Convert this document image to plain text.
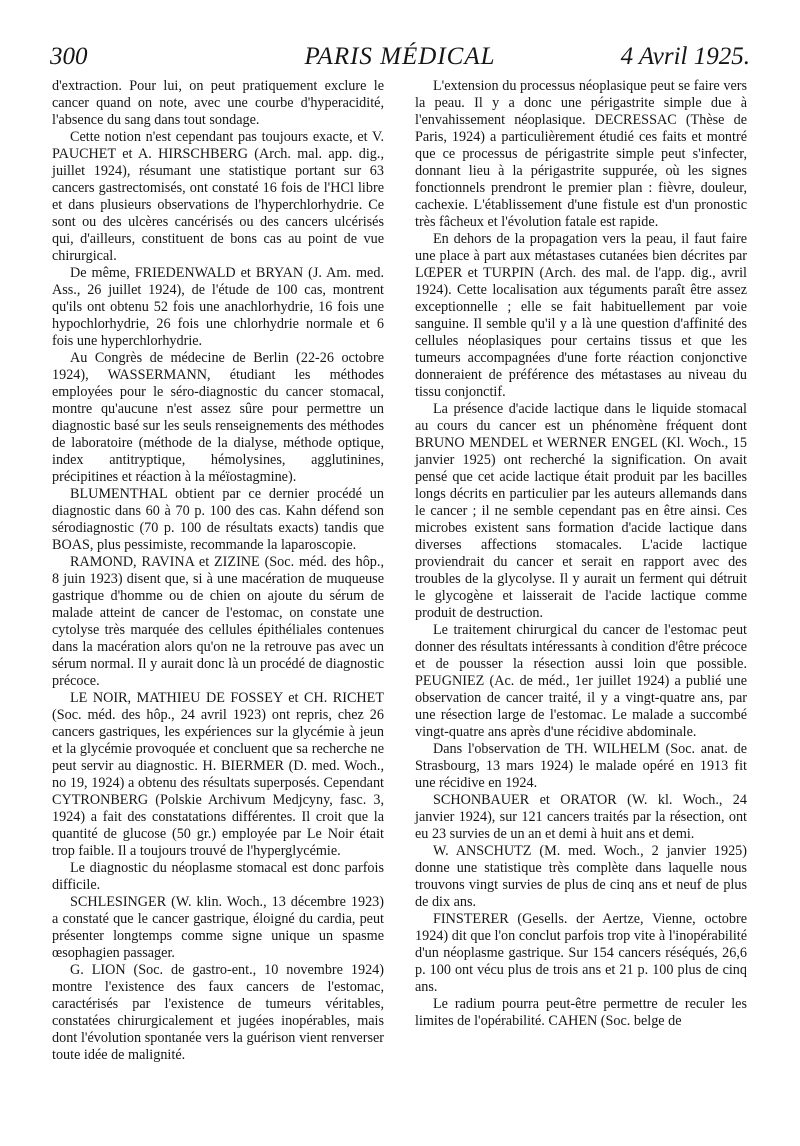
PARIS MÉDICAL
300	4 Avril 1925.

d'extraction. Pour lui, on peut pratiquement exclure le cancer quand on note, avec une courbe d'hyperacidité, l'absence du sang dans tout sondage.

Cette notion n'est cependant pas toujours exacte, et V. PAUCHET et A. HIRSCHBERG (Arch. mal. app. dig., juillet 1924), résumant une statistique portant sur 63 cancers gastrectomisés, ont constaté 16 fois de l'HCl libre et dans plusieurs observations de l'hyperchlorhydrie. Ce sont ou des ulcères cancérisés ou des cancers ulcérisés qui, d'ailleurs, constituent de bons cas au point de vue chirurgical.

De même, FRIEDENWALD et BRYAN (J. Am. med. Ass., 26 juillet 1924), de l'étude de 100 cas, montrent qu'ils ont obtenu 52 fois une anachlorhydrie, 16 fois une hypochlorhydrie, 26 fois une chlorhydrie normale et 6 fois une hyperchlorhydrie.

Au Congrès de médecine de Berlin (22-26 octobre 1924), WASSERMANN, étudiant les méthodes employées pour le séro-diagnostic du cancer stomacal, montre qu'aucune n'est assez sûre pour permettre un diagnostic basé sur les seuls renseignements des méthodes de laboratoire (méthode de la dialyse, méthode optique, index antitryptique, hémolysines, agglutinines, précipitines et réaction à la méïostagmine).

BLUMENTHAL obtient par ce dernier procédé un diagnostic dans 60 à 70 p. 100 des cas. Kahn défend son sérodiagnostic (70 p. 100 de résultats exacts) tandis que BOAS, plus pessimiste, recommande la laparoscopie.

RAMOND, RAVINA et ZIZINE (Soc. méd. des hôp., 8 juin 1923) disent que, si à une macération de muqueuse gastrique d'homme ou de chien on ajoute du sérum de malade atteint de cancer de l'estomac, on constate une cytolyse très marquée des cellules épithéliales contenues dans la macération alors qu'on ne la retrouve pas avec un sérum normal. Il y aurait donc là un procédé de diagnostic précoce.

LE NOIR, MATHIEU DE FOSSEY et CH. RICHET (Soc. méd. des hôp., 24 avril 1923) ont repris, chez 26 cancers gastriques, les expériences sur la glycémie à jeun et la glycémie provoquée et concluent que sa recherche ne peut servir au diagnostic. H. BIERMER (D. med. Woch., no 19, 1924) a obtenu des résultats superposés. Cependant CYTRONBERG (Polskie Archivum Medjcyny, fasc. 3, 1924) a fait des constatations différentes. Il croit que la quantité de glucose (50 gr.) employée par Le Noir était trop faible. Il a toujours trouvé de l'hyperglycémie.

Le diagnostic du néoplasme stomacal est donc parfois difficile.

SCHLESINGER (W. klin. Woch., 13 décembre 1923) a constaté que le cancer gastrique, éloigné du cardia, peut présenter longtemps comme signe unique un spasme œsophagien passager.

G. LION (Soc. de gastro-ent., 10 novembre 1924) montre l'existence des faux cancers de l'estomac, caractérisés par l'existence de tumeurs véritables, constatées chirurgicalement et jugées inopérables, mais dont l'évolution spontanée vers la guérison vient renverser toute idée de malignité.

L'extension du processus néoplasique peut se faire vers la peau. Il y a donc une périgastrite simple due à l'envahissement néoplasique. DECRESSAC (Thèse de Paris, 1924) a particulièrement étudié ces faits et montré que ce processus de périgastrite simple peut s'infecter, donnant lieu à la périgastrite suppurée, où les signes fonctionnels prendront le premier plan : fièvre, douleur, cachexie. L'établissement d'une fistule est d'un pronostic très fâcheux et l'évolution fatale est rapide.

En dehors de la propagation vers la peau, il faut faire une place à part aux métastases cutanées bien décrites par LŒPER et TURPIN (Arch. des mal. de l'app. dig., avril 1924). Cette localisation aux téguments paraît être assez exceptionnelle ; elle se fait habituellement par voie sanguine. Il semble qu'il y a là une question d'affinité des cellules néoplasiques pour certains tissus et que les tumeurs accompagnées d'une forte réaction conjonctive donneraient de préférence des métastases au niveau du tissu conjonctif.

La présence d'acide lactique dans le liquide stomacal au cours du cancer est un phénomène fréquent dont BRUNO MENDEL et WERNER ENGEL (Kl. Woch., 15 janvier 1925) ont recherché la signification. On avait pensé que cet acide lactique était produit par les bacilles longs décrits en particulier par les auteurs allemands dans le cancer ; il ne semble cependant pas en être ainsi. Ces microbes existent sans formation d'acide lactique dans diverses affections stomacales. L'acide lactique proviendrait du cancer et serait en rapport avec des troubles de la glycolyse. Il y aurait un ferment qui détruit le glycogène et laisserait de l'acide lactique comme produit de destruction.

Le traitement chirurgical du cancer de l'estomac peut donner des résultats intéressants à condition d'être précoce et de pousser la résection aussi loin que possible. PEUGNIEZ (Ac. de méd., 1er juillet 1924) a publié une observation de cancer traité, il y a vingt-quatre ans, par une résection large de l'estomac. Le malade a succombé vingt-quatre ans après d'une récidive abdominale.

Dans l'observation de TH. WILHELM (Soc. anat. de Strasbourg, 13 mars 1924) le malade opéré en 1913 fit une récidive en 1924.

SCHONBAUER et ORATOR (W. kl. Woch., 24 janvier 1924), sur 121 cancers traités par la résection, ont eu 23 survies de un an et demi à huit ans et demi.

W. ANSCHUTZ (M. med. Woch., 2 janvier 1925) donne une statistique très complète dans laquelle nous trouvons vingt survies de plus de cinq ans et neuf de plus de dix ans.

FINSTERER (Gesells. der Aertze, Vienne, octobre 1924) dit que l'on conclut parfois trop vite à l'inopérabilité d'un néoplasme gastrique. Sur 154 cancers réséqués, 26,6 p. 100 ont vécu plus de trois ans et 21 p. 100 plus de cinq ans.

Le radium pourra peut-être permettre de reculer les limites de l'opérabilité. CAHEN (Soc. belge de
